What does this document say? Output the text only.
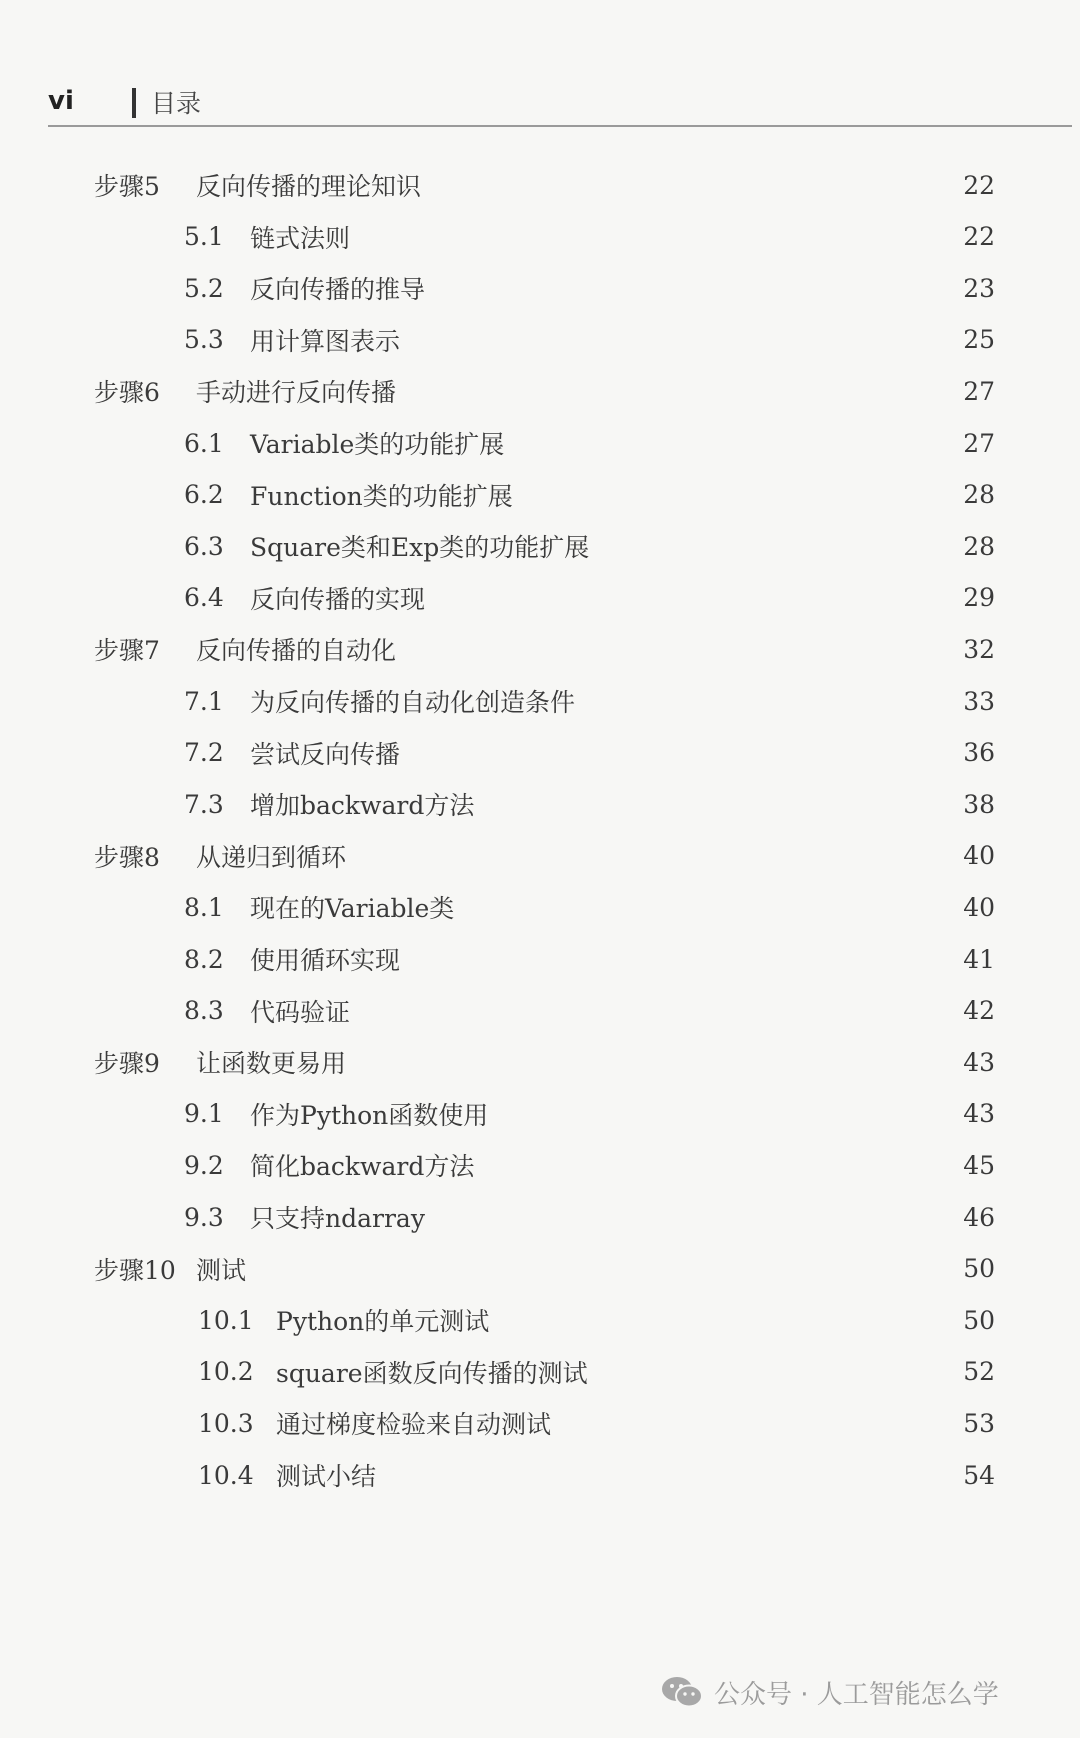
vi	目录
步骤5	反向传播的理论知识	22
5.1	链式法则	22
5.2	反向传播的推导	23
5.3	用计算图表示	25
步骤6	手动进行反向传播	27
6.1	Variable类的功能扩展	27
6.2	Function类的功能扩展	28
6.3	Square类和Exp类的功能扩展	28
6.4	反向传播的实现	29
步骤7	反向传播的自动化	32
7.1	为反向传播的自动化创造条件	33
7.2	尝试反向传播	36
7.3	增加backward方法	38
步骤8	从递归到循环	40
8.1	现在的Variable类	40
8.2	使用循环实现	41
8.3	代码验证	42
步骤9	让函数更易用	43
9.1	作为Python函数使用	43
9.2	简化backward方法	45
9.3	只支持ndarray	46
步骤10 测试	50
10.1 Python的单元测试	50
10.2 square函数反向传播的测试	52
10.3 通过梯度检验来自动测试	53
10.4 测试小结	54
公众号 · 人工智能怎么学
